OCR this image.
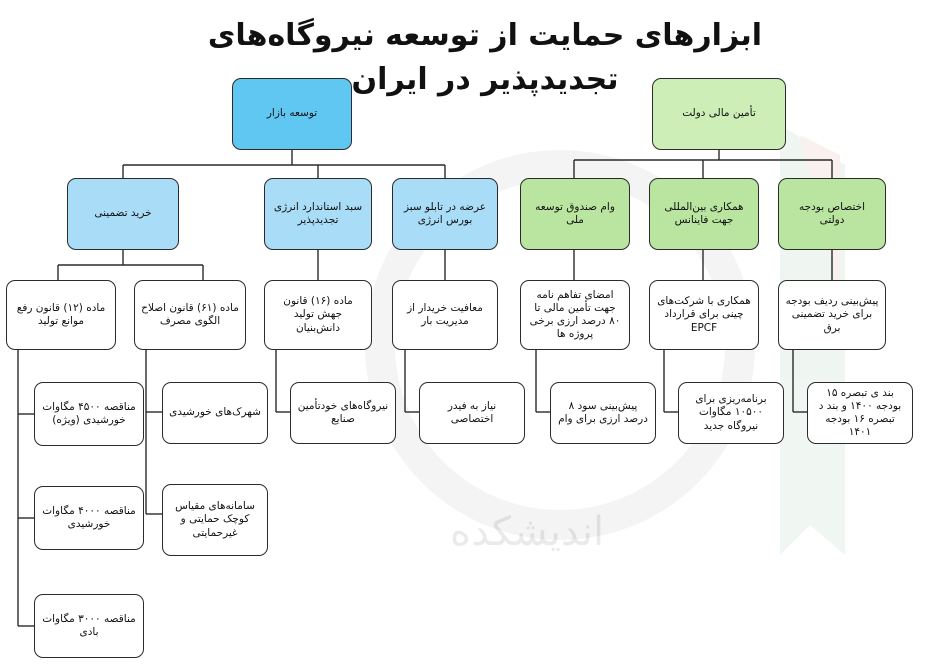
اندیشکده
ابزارهای حمایت از توسعه نیروگاه‌های تجدیدپذیر در ایران
توسعه بازار
خرید تضمینی
سبد استاندارد انرژی تجدیدپذیر
عرضه در تابلو سبز بورس انرژی
ماده (۱۲) قانون رفع موانع تولید
ماده (۶۱) قانون اصلاح الگوی مصرف
ماده (۱۶) قانون جهش تولید دانش‌بنیان
معافیت خریدار از مدیریت بار
مناقصه ۴۵۰۰ مگاوات خورشیدی (ویژه)
مناقصه ۴۰۰۰ مگاوات خورشیدی
مناقصه ۳۰۰۰ مگاوات بادی
شهرک‌های خورشیدی
سامانه‌های مقیاس کوچک حمایتی و غیرحمایتی
نیروگاه‌های خودتأمین صنایع
نیاز به فیدر اختصاصی
تأمین مالی دولت
وام صندوق توسعه ملی
همکاری بین‌المللی جهت فاینانس
اختصاص بودجه دولتی
امضای تفاهم نامه جهت تأمین مالی تا ۸۰ درصد ارزی برخی پروژه ها
همکاری با شرکت‌های چینی برای قرارداد EPCF
پیش‌بینی ردیف بودجه برای خرید تضمینی برق
پیش‌بینی سود ۸ درصد ارزی برای وام
برنامه‌ریزی برای ۱۰۵۰۰ مگاوات نیروگاه جدید
بند ی تبصره ۱۵ بودجه ۱۴۰۰ و بند د تبصره ۱۶ بودجه ۱۴۰۱
